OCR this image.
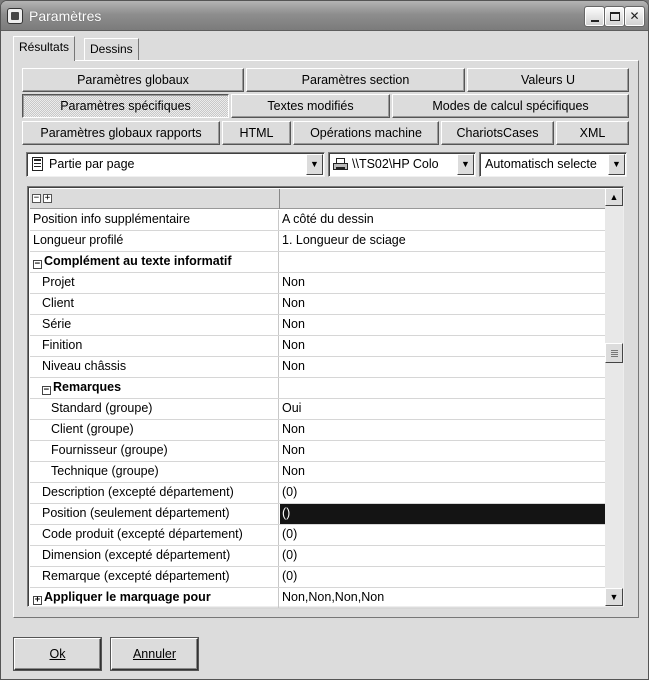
Paramètres	✕
Résultats	Dessins
Paramètres globaux	Paramètres section	Valeurs U
Paramètres spécifiques	Textes modifiés	Modes de calcul spécifiques
Paramètres globaux rapports	HTML	Opérations machine	ChariotsCases	XML
Partie par page	▼	\\TS02\HP Colo	▼	Automatisch selecte	▼
− +
Position info supplémentaire	A côté du dessin
Longueur profilé	1. Longueur de sciage
− Complément au texte informatif
Projet	Non
Client	Non
Série	Non
Finition	Non
Niveau châssis	Non
− Remarques
Standard (groupe)	Oui
Client (groupe)	Non
Fournisseur (groupe)	Non
Technique (groupe)	Non
Description (excepté département)	(0)
Position (seulement département)	()
Code produit (excepté département)	(0)
Dimension (excepté département)	(0)
Remarque (excepté département)	(0)
+ Appliquer le marquage pour	Non,Non,Non,Non
▲
▼
Ok	Annuler
